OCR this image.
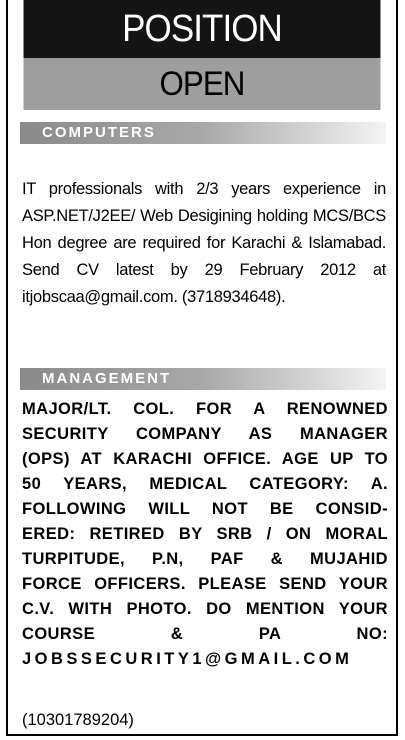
POSITION
OPEN
COMPUTERS
IT professionals with 2/3 years experience in ASP.NET/J2EE/ Web Desigining holding MCS/BCS Hon degree are required for Karachi & Islamabad. Send CV latest by 29 February 2012 at itjobscaa@gmail.com. (3718934648).
MANAGEMENT
MAJOR/LT. COL. FOR A RENOWNED
SECURITY COMPANY AS MANAGER
(OPS) AT KARACHI OFFICE. AGE UP TO
50 YEARS, MEDICAL CATEGORY: A.
FOLLOWING WILL NOT BE CONSID-
ERED: RETIRED BY SRB / ON MORAL
TURPITUDE, P.N, PAF & MUJAHID
FORCE OFFICERS. PLEASE SEND YOUR
C.V. WITH PHOTO. DO MENTION YOUR
COURSE & PA NO:
JOBSSECURITY1@GMAIL.COM
(10301789204)
